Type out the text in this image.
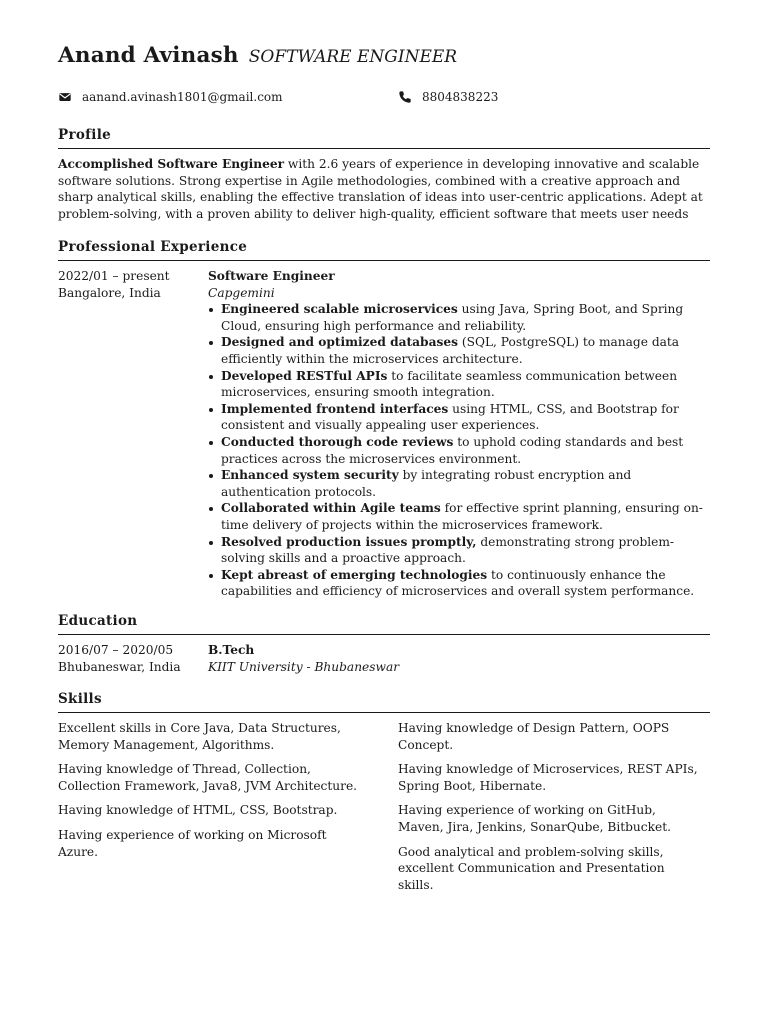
Anand Avinash SOFTWARE ENGINEER
aanand.avinash1801@gmail.com	8804838223
Profile
Accomplished Software Engineer with 2.6 years of experience in developing innovative and scalable software solutions. Strong expertise in Agile methodologies, combined with a creative approach and sharp analytical skills, enabling the effective translation of ideas into user-centric applications. Adept at problem-solving, with a proven ability to deliver high-quality, efficient software that meets user needs
Professional Experience
2022/01 – present
Bangalore, India
Software Engineer
Capgemini
Engineered scalable microservices using Java, Spring Boot, and Spring Cloud, ensuring high performance and reliability.
Designed and optimized databases (SQL, PostgreSQL) to manage data efficiently within the microservices architecture.
Developed RESTful APIs to facilitate seamless communication between microservices, ensuring smooth integration.
Implemented frontend interfaces using HTML, CSS, and Bootstrap for consistent and visually appealing user experiences.
Conducted thorough code reviews to uphold coding standards and best practices across the microservices environment.
Enhanced system security by integrating robust encryption and authentication protocols.
Collaborated within Agile teams for effective sprint planning, ensuring on-time delivery of projects within the microservices framework.
Resolved production issues promptly, demonstrating strong problem-solving skills and a proactive approach.
Kept abreast of emerging technologies to continuously enhance the capabilities and efficiency of microservices and overall system performance.
Education
2016/07 – 2020/05
Bhubaneswar, India
B.Tech
KIIT University - Bhubaneswar
Skills
Excellent skills in Core Java, Data Structures, Memory Management, Algorithms.
Having knowledge of Thread, Collection, Collection Framework, Java8, JVM Architecture.
Having knowledge of HTML, CSS, Bootstrap.
Having experience of working on Microsoft Azure.
Having knowledge of Design Pattern, OOPS Concept.
Having knowledge of Microservices, REST APIs, Spring Boot, Hibernate.
Having experience of working on GitHub, Maven, Jira, Jenkins, SonarQube, Bitbucket.
Good analytical and problem-solving skills, excellent Communication and Presentation skills.
